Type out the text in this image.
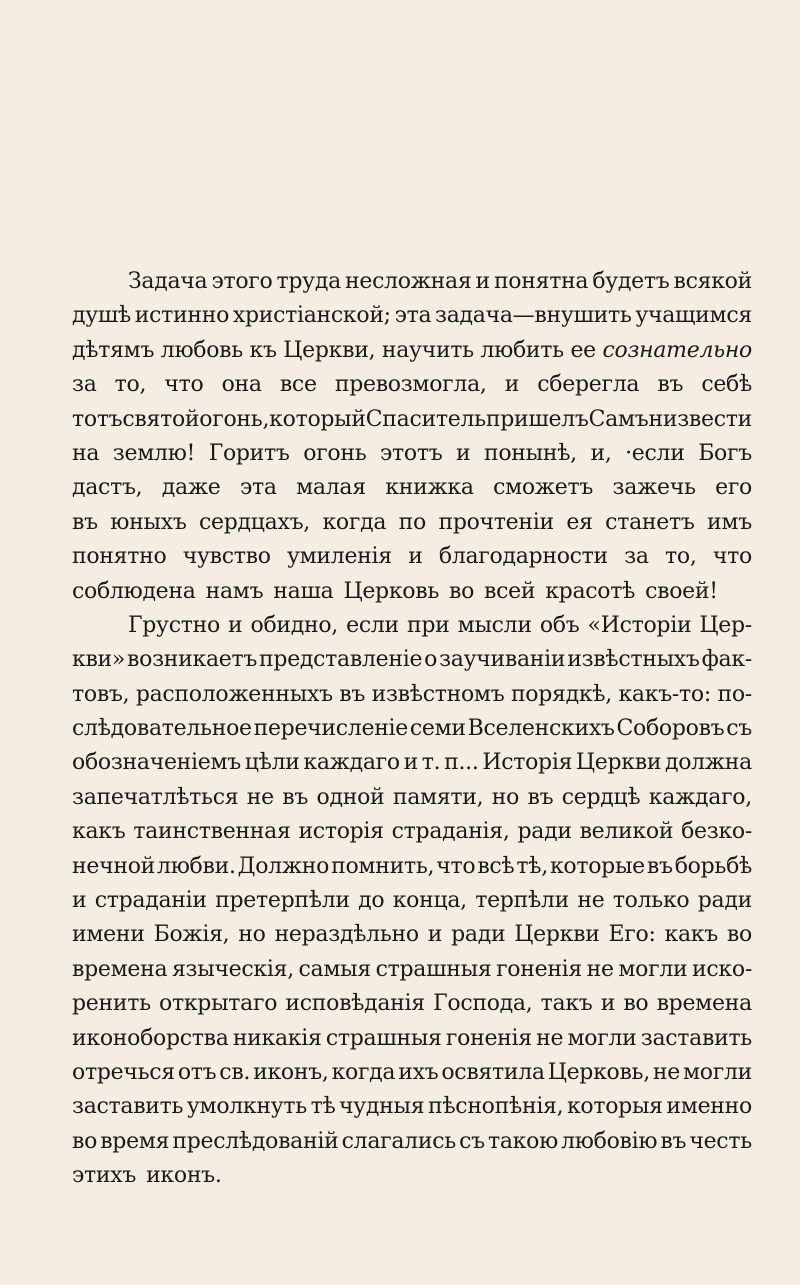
Задача этого труда несложная и понятна будетъ всякой
душѣ истинно христiанской; эта задача—внушить учащимся
дѣтямъ любовь къ Церкви, научить любить ее сознательно
за то, что она все превозмогла, и сберегла въ себѣ
тотъ святой огонь, который Спаситель пришелъ Самъ низвести
на землю! Горитъ огонь этотъ и понынѣ, и, ·если Богъ
дастъ, даже эта малая книжка сможетъ зажечь его
въ юныхъ сердцахъ, когда по прочтенiи ея станетъ имъ
понятно чувство умиленiя и благодарности за то, что
соблюдена намъ наша Церковь во всей красотѣ своей!
Грустно и обидно, если при мысли объ «Исторiи Цер-
кви» возникаетъ представленiе о заучиванiи извѣстныхъ фак-
товъ, расположенныхъ въ извѣстномъ порядкѣ, какъ-то: по-
слѣдовательное перечисленiе семи Вселенскихъ Соборовъ съ
обозначенiемъ цѣли каждаго и т. п... Исторiя Церкви должна
запечатлѣться не въ одной памяти, но въ сердцѣ каждаго,
какъ таинственная исторiя страданiя, ради великой безко-
нечной любви. Должно помнить, что всѣ тѣ, которые въ борьбѣ
и страданiи претерпѣли до конца, терпѣли не только ради
имени Божiя, но нераздѣльно и ради Церкви Его: какъ во
времена языческiя, самыя страшныя гоненiя не могли иско-
ренить открытаго исповѣданiя Господа, такъ и во времена
иконоборства никакiя страшныя гоненiя не могли заставить
отречься отъ св. иконъ, когда ихъ освятила Церковь, не могли
заставить умолкнуть тѣ чудныя пѣснопѣнiя, которыя именно
во время преслѣдованiй слагались съ такою любовiю въ честь
этихъ иконъ.
